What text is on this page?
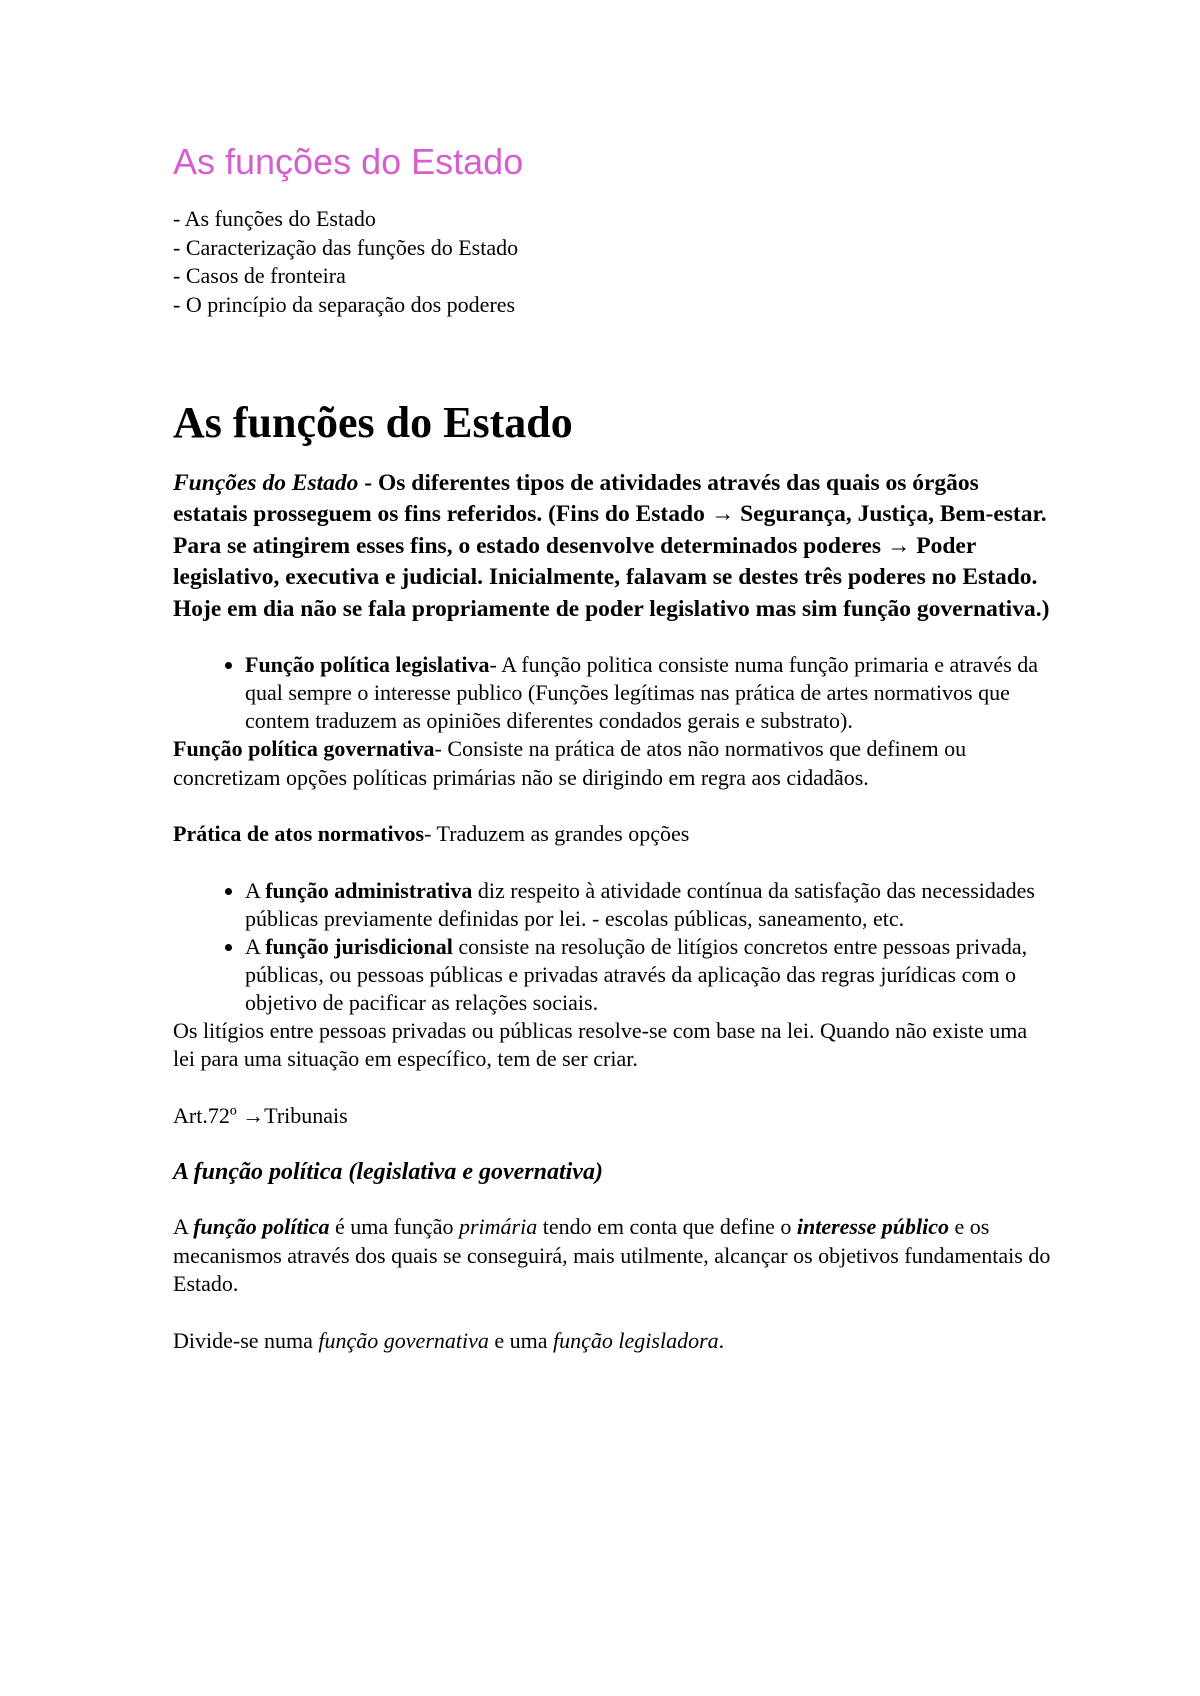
As funções do Estado
- As funções do Estado
- Caracterização das funções do Estado
- Casos de fronteira
- O princípio da separação dos poderes
As funções do Estado

Funções do Estado - Os diferentes tipos de atividades através das quais os órgãos estatais prosseguem os fins referidos. (Fins do Estado → Segurança, Justiça, Bem-estar. Para se atingirem esses fins, o estado desenvolve determinados poderes → Poder legislativo, executiva e judicial. Inicialmente, falavam se destes três poderes no Estado. Hoje em dia não se fala propriamente de poder legislativo mas sim função governativa.)

• Função política legislativa- A função politica consiste numa função primaria e através da qual sempre o interesse publico (Funções legítimas nas prática de artes normativos que contem traduzem as opiniões diferentes condados gerais e substrato).

Função política governativa- Consiste na prática de atos não normativos que definem ou concretizam opções políticas primárias não se dirigindo em regra aos cidadãos.

Prática de atos normativos- Traduzem as grandes opções

• A função administrativa diz respeito à atividade contínua da satisfação das necessidades públicas previamente definidas por lei. - escolas públicas, saneamento, etc.
• A função jurisdicional consiste na resolução de litígios concretos entre pessoas privada, públicas, ou pessoas públicas e privadas através da aplicação das regras jurídicas com o objetivo de pacificar as relações sociais.

Os litígios entre pessoas privadas ou públicas resolve-se com base na lei. Quando não existe uma lei para uma situação em específico, tem de ser criar.

Art.72º →Tribunais

A função política (legislativa e governativa)

A função política é uma função primária tendo em conta que define o interesse público e os mecanismos através dos quais se conseguirá, mais utilmente, alcançar os objetivos fundamentais do Estado.

Divide-se numa função governativa e uma função legisladora.
